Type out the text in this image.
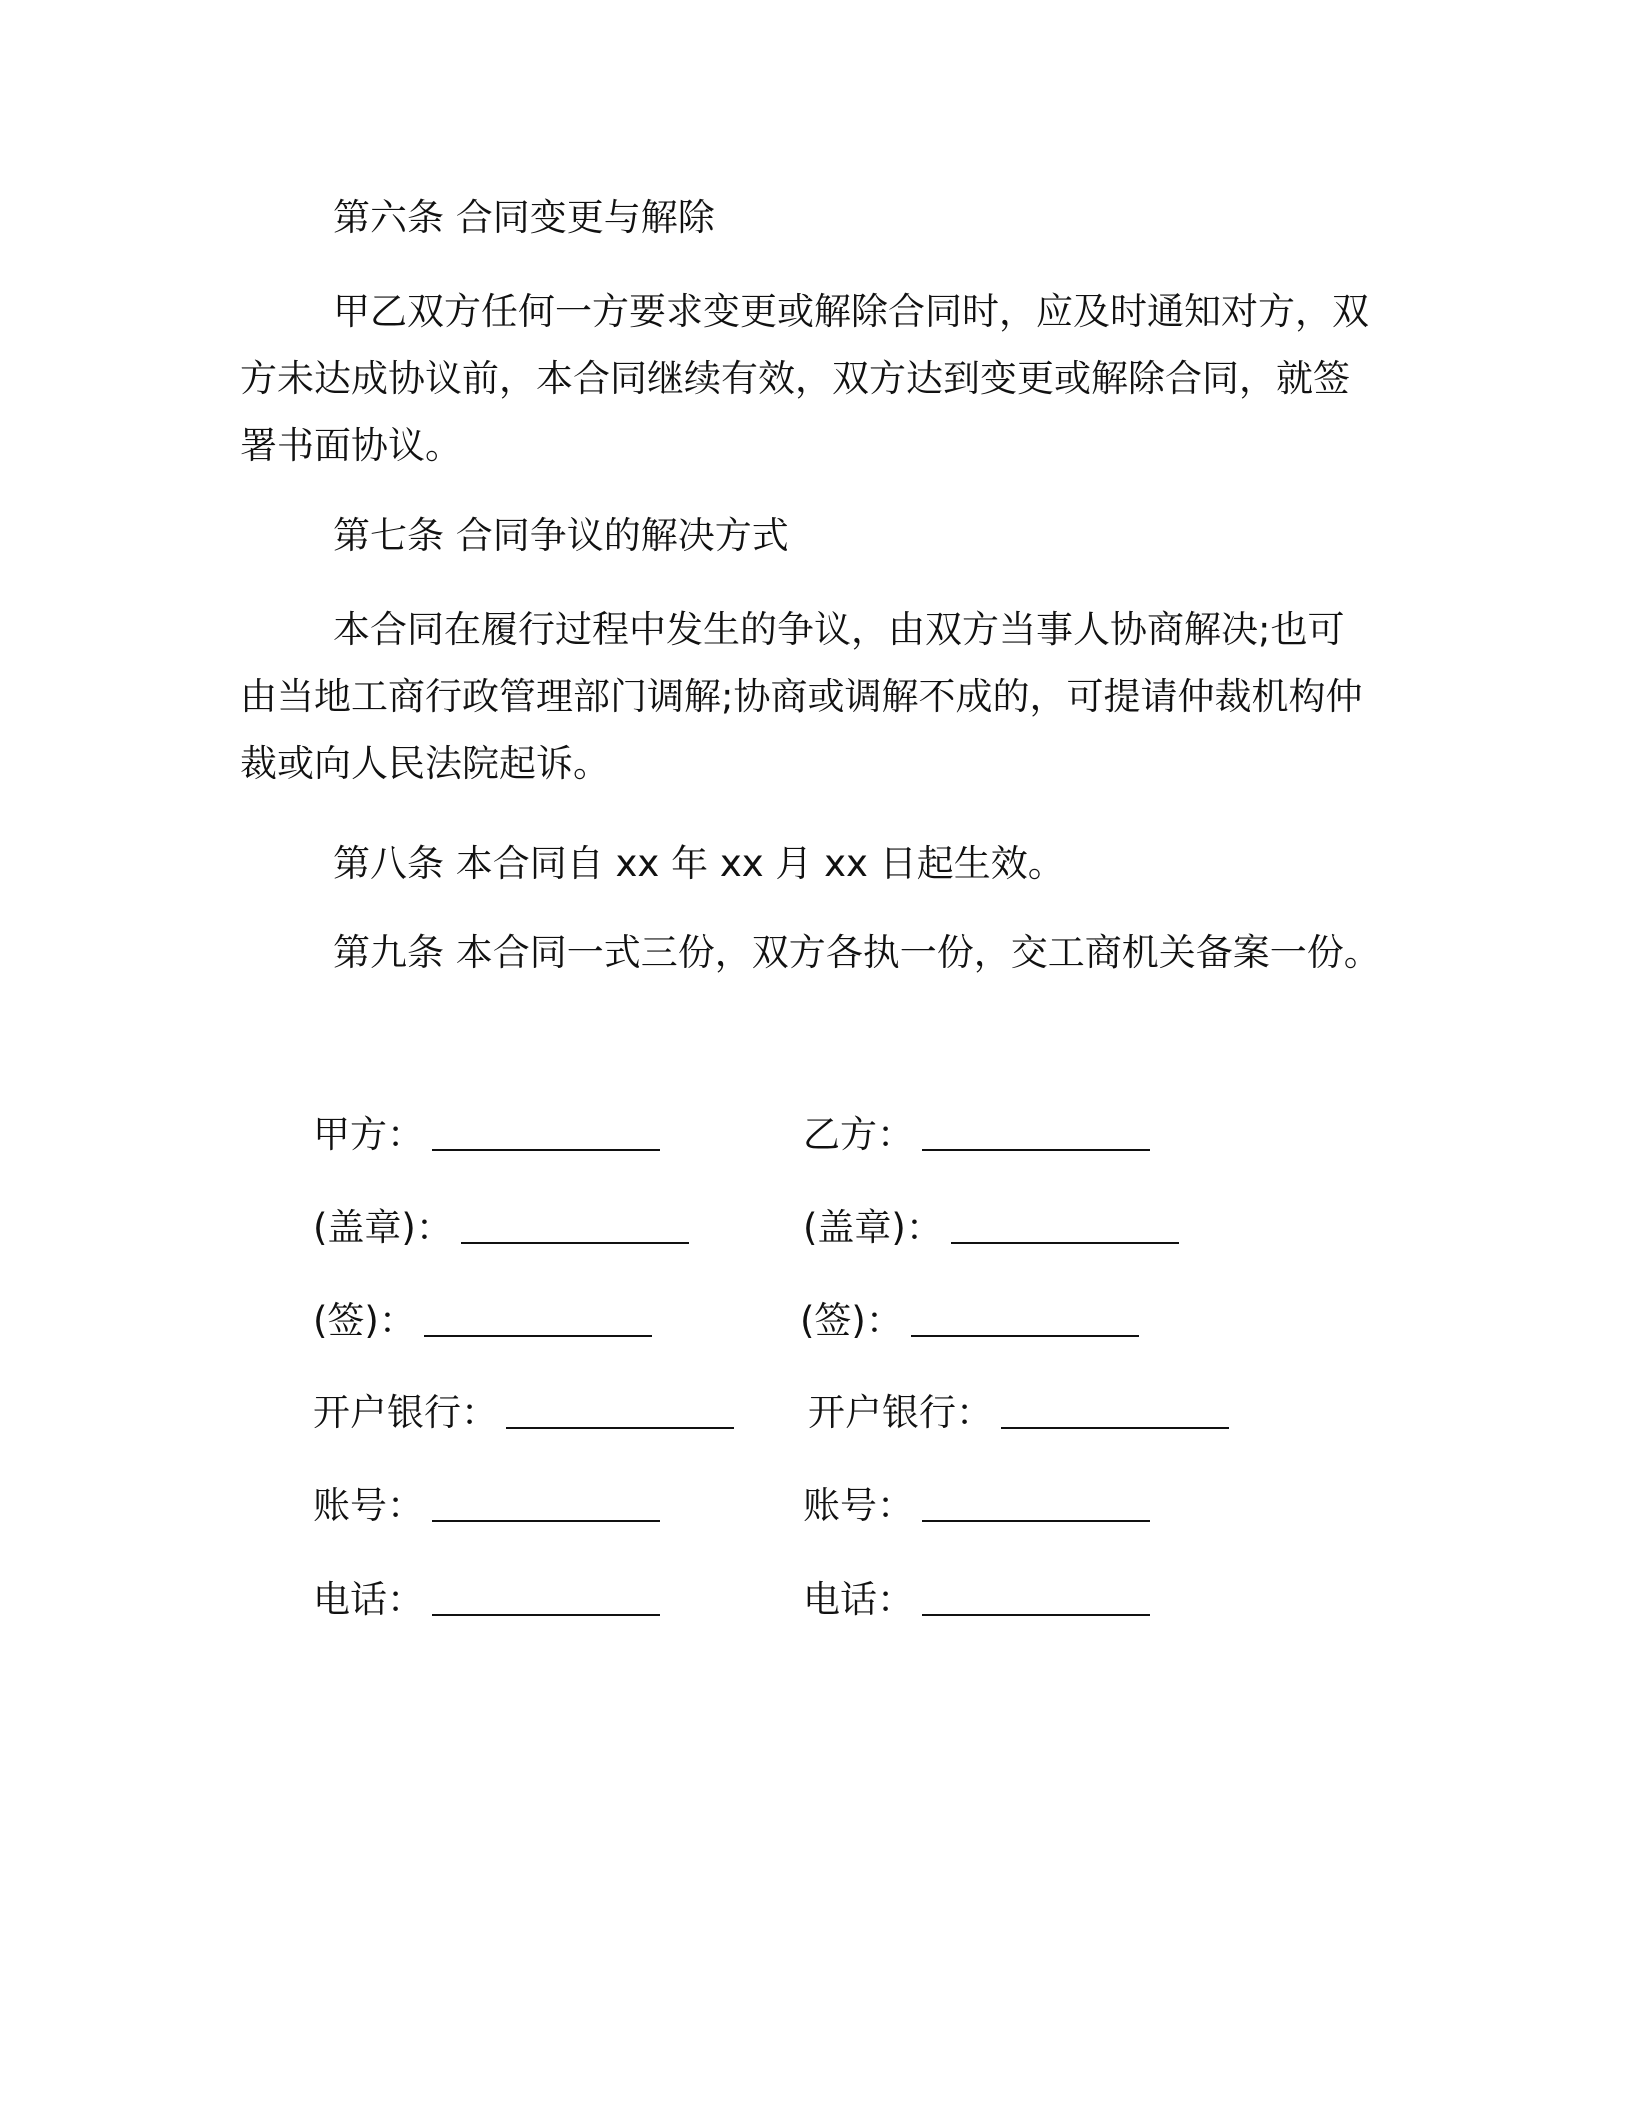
第六条 合同变更与解除
甲乙双方任何一方要求变更或解除合同时，应及时通知对方，双
方未达成协议前，本合同继续有效，双方达到变更或解除合同，就签
署书面协议。
第七条 合同争议的解决方式
本合同在履行过程中发生的争议，由双方当事人协商解决;也可
由当地工商行政管理部门调解;协商或调解不成的，可提请仲裁机构仲
裁或向人民法院起诉。

第八条 本合同自 xx 年 xx 月 xx 日起生效。

第九条 本合同一式三份，双方各执一份，交工商机关备案一份。

甲方：	乙方：
(盖章)：	(盖章)：
(签)：	(签)：
开户银行：	开户银行：
账号：	账号：
电话：	电话：
